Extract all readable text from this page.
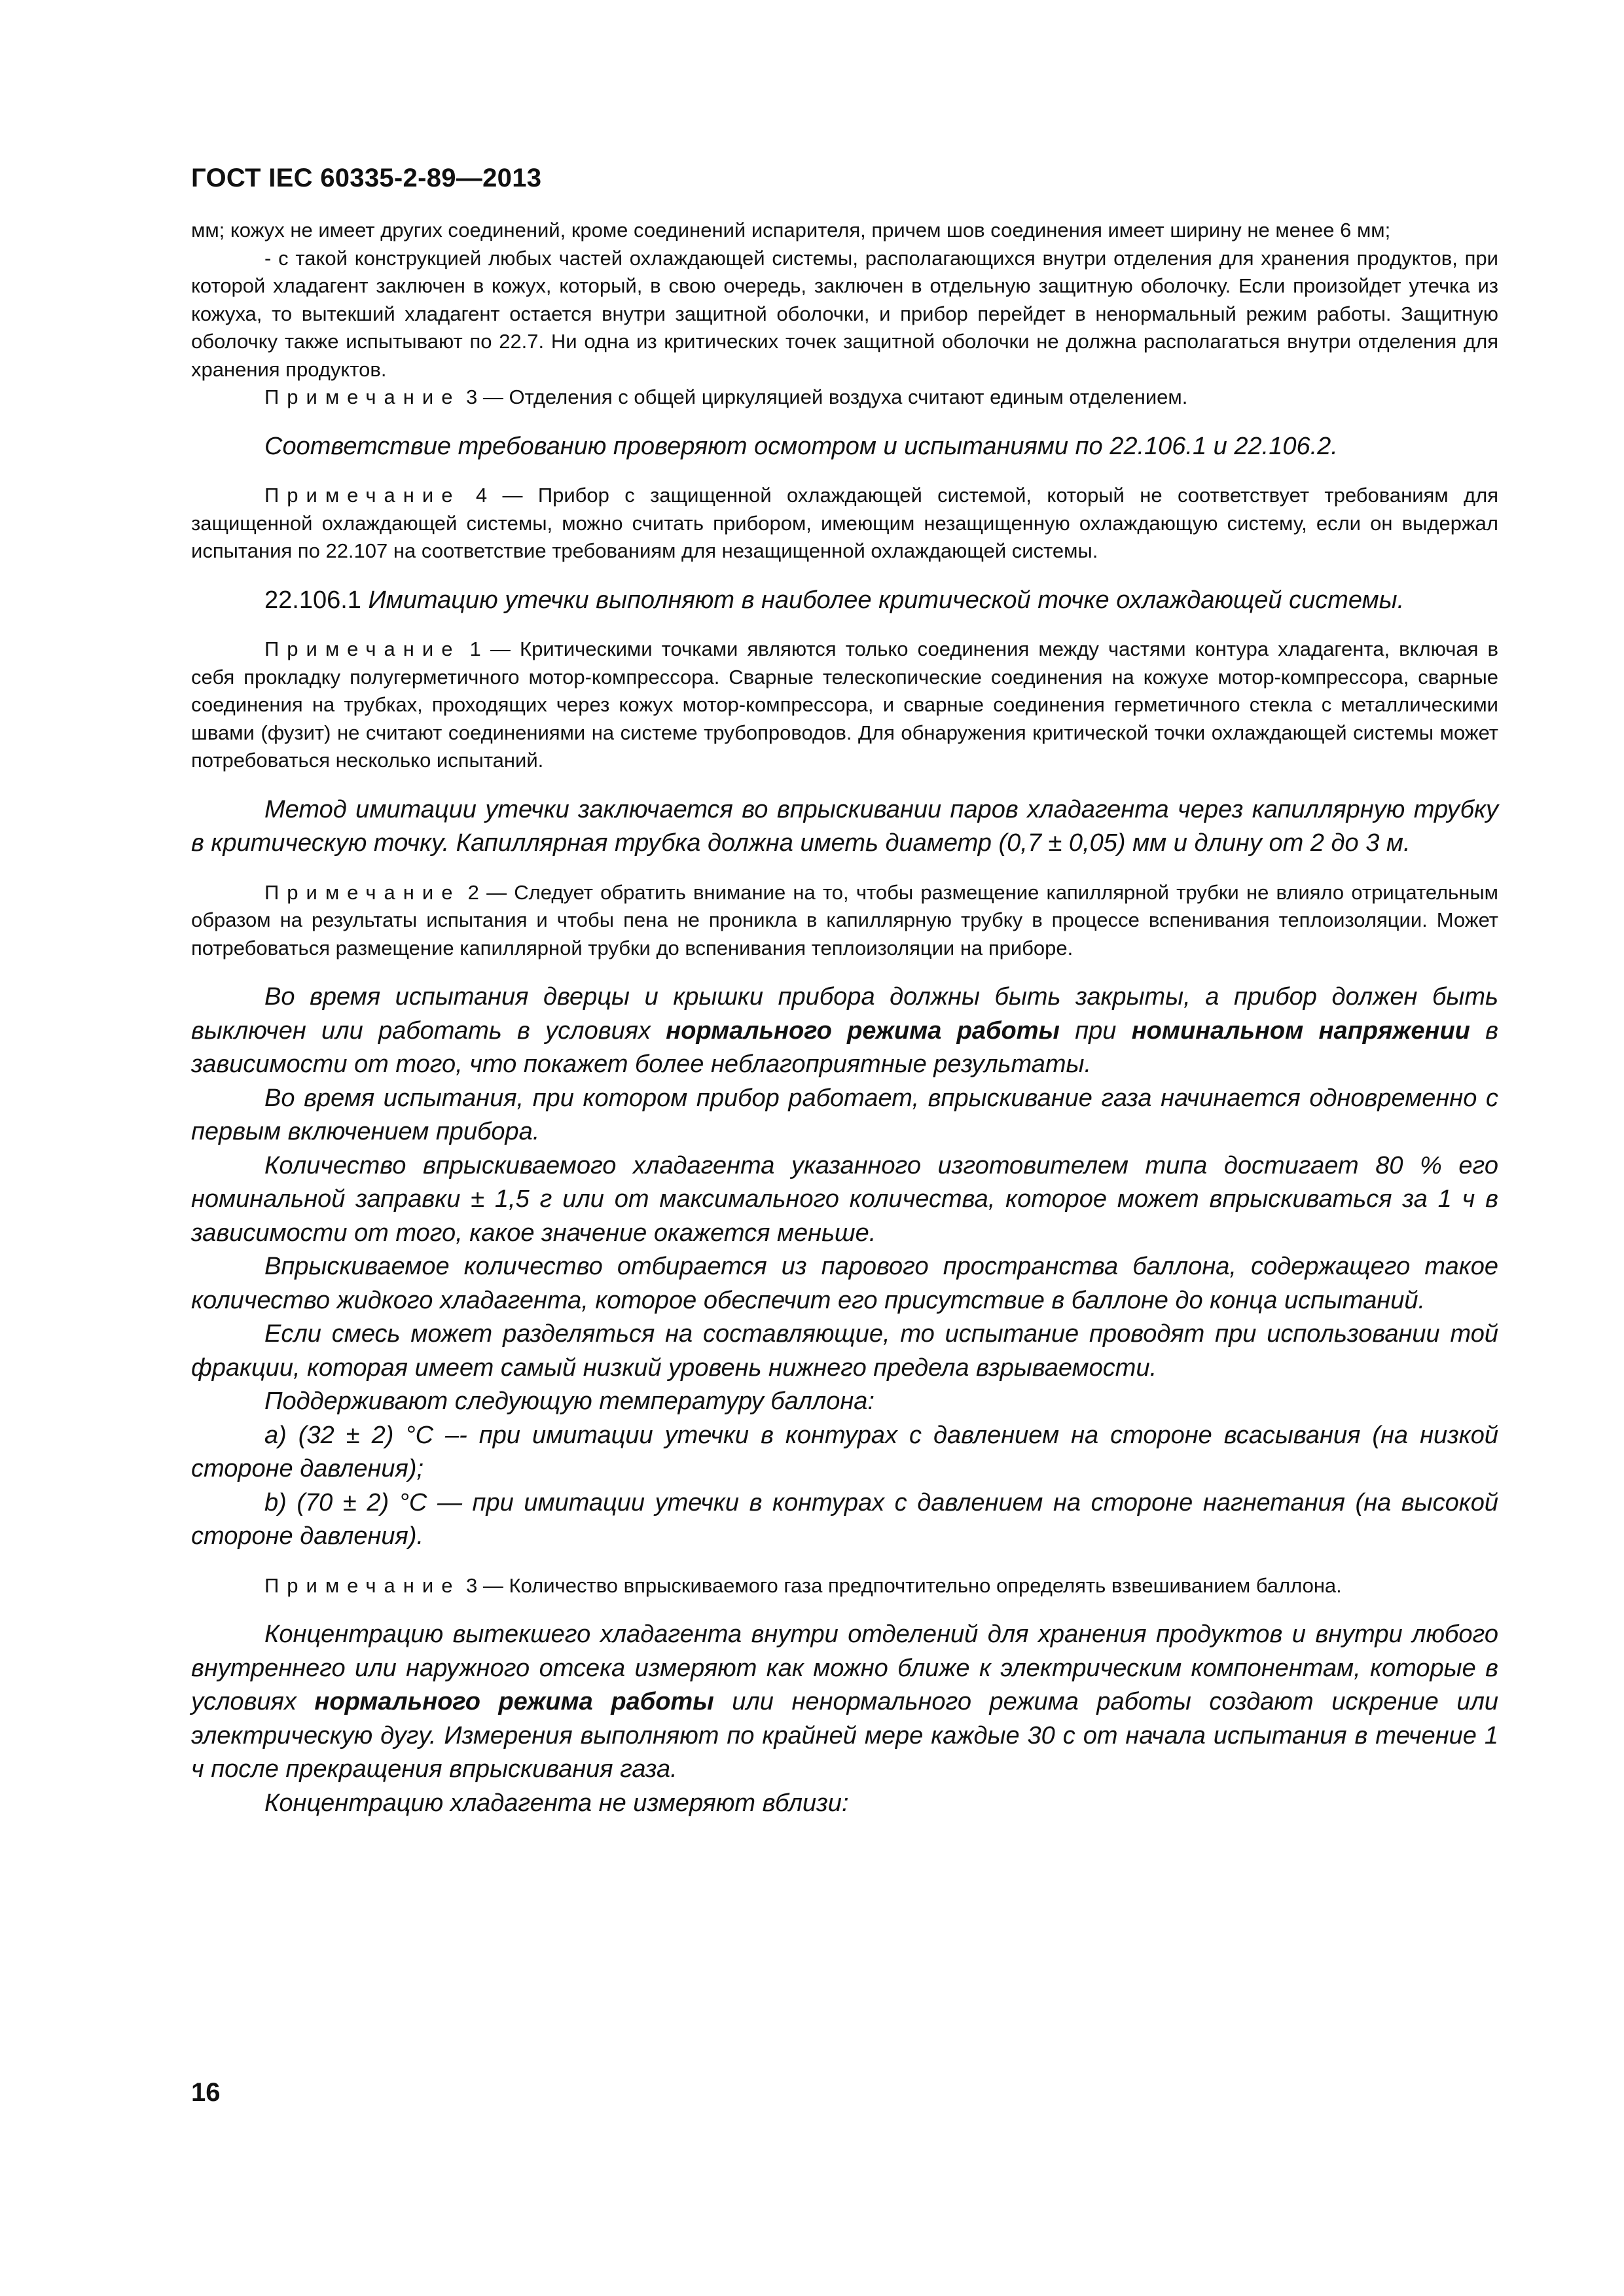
ГОСТ IEC 60335-2-89—2013

мм; кожух не имеет других соединений, кроме соединений испарителя, причем шов соединения имеет ширину не менее 6 мм;

- с такой конструкцией любых частей охлаждающей системы, располагающихся внутри отделения для хранения продуктов, при которой хладагент заключен в кожух, который, в свою очередь, заключен в отдельную защитную оболочку. Если произойдет утечка из кожуха, то вытекший хладагент остается внутри защитной оболочки, и прибор перейдет в ненормальный режим работы. Защитную оболочку также испытывают по 22.7. Ни одна из критических точек защитной оболочки не должна располагаться внутри отделения для хранения продуктов.

Примечание 3 — Отделения с общей циркуляцией воздуха считают единым отделением.

Соответствие требованию проверяют осмотром и испытаниями по 22.106.1 и 22.106.2.

Примечание 4 — Прибор с защищенной охлаждающей системой, который не соответствует требованиям для защищенной охлаждающей системы, можно считать прибором, имеющим незащищенную охлаждающую систему, если он выдержал испытания по 22.107 на соответствие требованиям для незащищенной охлаждающей системы.

22.106.1 Имитацию утечки выполняют в наиболее критической точке охлаждающей системы.

Примечание 1 — Критическими точками являются только соединения между частями контура хладагента, включая в себя прокладку полугерметичного мотор-компрессора. Сварные телескопические соединения на кожухе мотор-компрессора, сварные соединения на трубках, проходящих через кожух мотор-компрессора, и сварные соединения герметичного стекла с металлическими швами (фузит) не считают соединениями на системе трубопроводов. Для обнаружения критической точки охлаждающей системы может потребоваться несколько испытаний.

Метод имитации утечки заключается во впрыскивании паров хладагента через капиллярную трубку в критическую точку. Капиллярная трубка должна иметь диаметр (0,7 ± 0,05) мм и длину от 2 до 3 м.

Примечание 2 — Следует обратить внимание на то, чтобы размещение капиллярной трубки не влияло отрицательным образом на результаты испытания и чтобы пена не проникла в капиллярную трубку в процессе вспенивания теплоизоляции. Может потребоваться размещение капиллярной трубки до вспенивания теплоизоляции на приборе.

Во время испытания дверцы и крышки прибора должны быть закрыты, а прибор должен быть выключен или работать в условиях нормального режима работы при номинальном напряжении в зависимости от того, что покажет более неблагоприятные результаты.

Во время испытания, при котором прибор работает, впрыскивание газа начинается одновременно с первым включением прибора.

Количество впрыскиваемого хладагента указанного изготовителем типа достигает 80 % его номинальной заправки ± 1,5 г или от максимального количества, которое может впрыскиваться за 1 ч в зависимости от того, какое значение окажется меньше.

Впрыскиваемое количество отбирается из парового пространства баллона, содержащего такое количество жидкого хладагента, которое обеспечит его присутствие в баллоне до конца испытаний.

Если смесь может разделяться на составляющие, то испытание проводят при использовании той фракции, которая имеет самый низкий уровень нижнего предела взрываемости.

Поддерживают следующую температуру баллона:

a) (32 ± 2) °С –- при имитации утечки в контурах с давлением на стороне всасывания (на низкой стороне давления);

b) (70 ± 2) °С — при имитации утечки в контурах с давлением на стороне нагнетания (на высокой стороне давления).

Примечание 3 — Количество впрыскиваемого газа предпочтительно определять взвешиванием баллона.

Концентрацию вытекшего хладагента внутри отделений для хранения продуктов и внутри любого внутреннего или наружного отсека измеряют как можно ближе к электрическим компонентам, которые в условиях нормального режима работы или ненормального режима работы создают искрение или электрическую дугу. Измерения выполняют по крайней мере каждые 30 с от начала испытания в течение 1 ч после прекращения впрыскивания газа.

Концентрацию хладагента не измеряют вблизи:

16
